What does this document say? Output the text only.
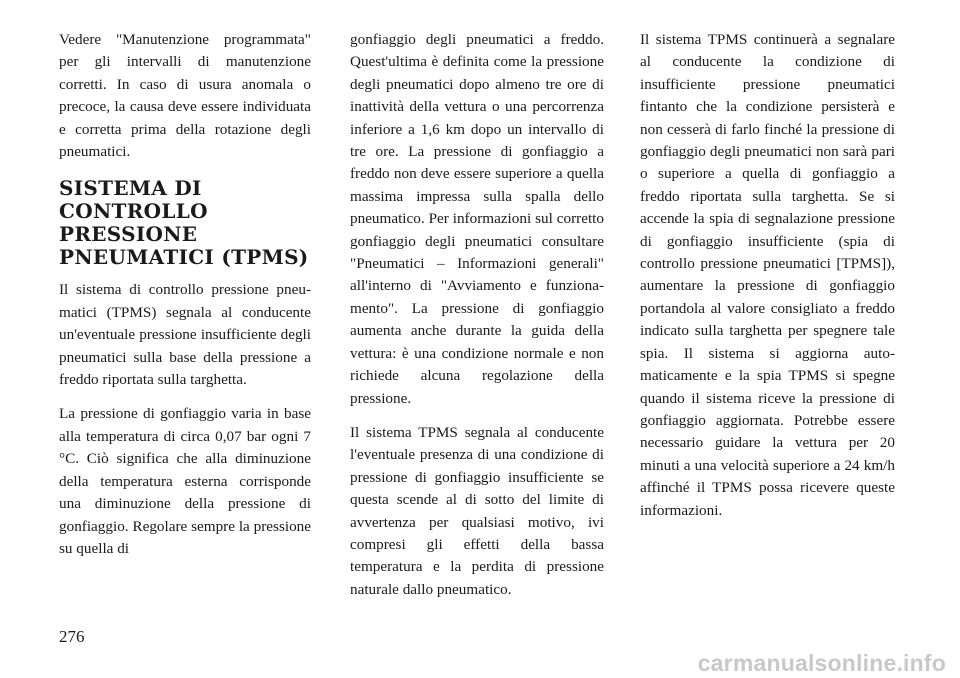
Vedere "Manutenzione programmata" per gli intervalli di manutenzione corretti. In caso di usura anomala o precoce, la causa deve essere individuata e corretta prima della rotazione degli pneumatici.

SISTEMA DI CONTROLLO PRESSIONE PNEUMATICI (TPMS)

Il sistema di controllo pressione pneumatici (TPMS) segnala al conducente un'eventuale pressione insufficiente degli pneumatici sulla base della pressione a freddo riportata sulla targhetta.

La pressione di gonfiaggio varia in base alla temperatura di circa 0,07 bar ogni 7 °C. Ciò significa che alla diminuzione della temperatura esterna corrisponde una diminuzione della pressione di gonfiaggio. Regolare sempre la pressione su quella di

gonfiaggio degli pneumatici a freddo. Quest'ultima è definita come la pressione degli pneumatici dopo almeno tre ore di inattività della vettura o una percorrenza inferiore a 1,6 km dopo un intervallo di tre ore. La pressione di gonfiaggio a freddo non deve essere superiore a quella massima impressa sulla spalla dello pneumatico. Per informazioni sul corretto gonfiaggio degli pneumatici consultare "Pneumatici – Informazioni generali" all'interno di "Avviamento e funzionamento". La pressione di gonfiaggio aumenta anche durante la guida della vettura: è una condizione normale e non richiede alcuna regolazione della pressione.

Il sistema TPMS segnala al conducente l'eventuale presenza di una condizione di pressione di gonfiaggio insufficiente se questa scende al di sotto del limite di avvertenza per qualsiasi motivo, ivi compresi gli effetti della bassa temperatura e la perdita di pressione naturale dallo pneumatico.

Il sistema TPMS continuerà a segnalare al conducente la condizione di insufficiente pressione pneumatici fintanto che la condizione persisterà e non cesserà di farlo finché la pressione di gonfiaggio degli pneumatici non sarà pari o superiore a quella di gonfiaggio a freddo riportata sulla targhetta. Se si accende la spia di segnalazione pressione di gonfiaggio insufficiente (spia di controllo pressione pneumatici [TPMS]), aumentare la pressione di gonfiaggio portandola al valore consigliato a freddo indicato sulla targhetta per spegnere tale spia. Il sistema si aggiorna automaticamente e la spia TPMS si spegne quando il sistema riceve la pressione di gonfiaggio aggiornata. Potrebbe essere necessario guidare la vettura per 20 minuti a una velocità superiore a 24 km/h affinché il TPMS possa ricevere queste informazioni.

276
carmanualsonline.info
